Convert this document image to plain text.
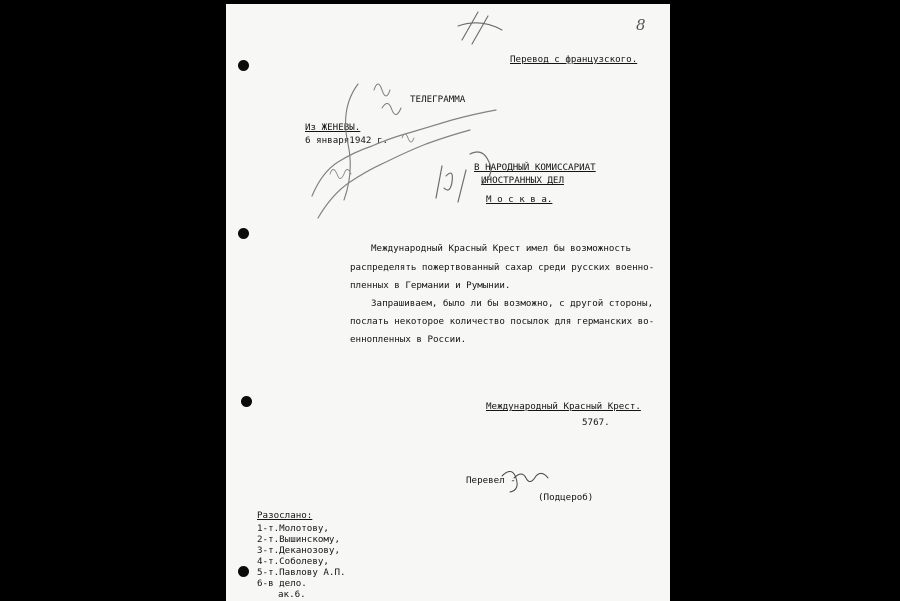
8
Перевод с французского.
ТЕЛЕГРАММА
Из ЖЕНЕВЫ.
6 января1942 г.
В НАРОДНЫЙ КОМИССАРИАТ
ИНОСТРАННЫХ ДЕЛ
М о с к в а.
Международный Красный Крест имел бы возможность
распределять пожертвованный сахар среди русских военно-
пленных в Германии и Румынии.
Запрашиваем, было ли бы возможно, с другой стороны,
послать некоторое количество посылок для германских во-
еннопленных в России.
Международный Красный Крест.
5767.
Перевел -
(Подцероб)
Разослано:
1-т.Молотову,
2-т.Вышинскому,
3-т.Деканозову,
4-т.Соболеву,
5-т.Павлову А.П.
6-в дело.
ак.6.
